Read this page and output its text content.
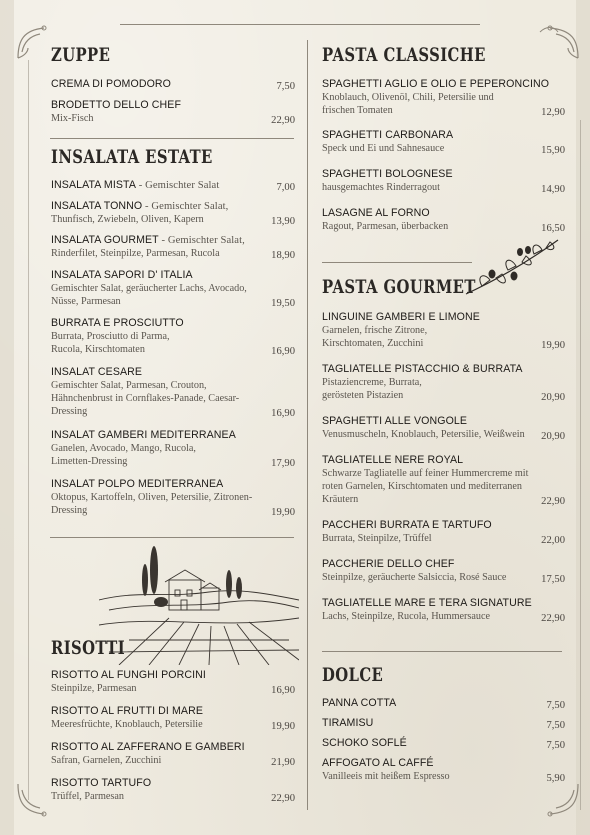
ZUPPE
CREMA DI POMODORO	7,50
BRODETTO DELLO CHEF
Mix-Fisch	22,90
INSALATA ESTATE
INSALATA MISTA - Gemischter Salat	7,00
INSALATA TONNO - Gemischter Salat,
Thunfisch, Zwiebeln, Oliven, Kapern	13,90
INSALATA GOURMET - Gemischter Salat,
Rinderfilet, Steinpilze, Parmesan, Rucola	18,90
INSALATA SAPORI D' ITALIA
Gemischter Salat, geräucherter Lachs, Avocado, Nüsse, Parmesan	19,50
BURRATA E PROSCIUTTO
Burrata, Prosciutto di Parma, Rucola, Kirschtomaten	16,90
INSALAT CESARE
Gemischter Salat, Parmesan, Crouton, Hähnchenbrust in Cornflakes-Panade, Caesar-Dressing	16,90
INSALAT GAMBERI MEDITERRANEA
Ganelen, Avocado, Mango, Rucola, Limetten-Dressing	17,90
INSALAT POLPO MEDITERRANEA
Oktopus, Kartoffeln, Oliven, Petersilie, Zitronen-Dressing	19,90
RISOTTI
RISOTTO AL FUNGHI PORCINI
Steinpilze, Parmesan	16,90
RISOTTO AL FRUTTI DI MARE
Meeresfrüchte, Knoblauch, Petersilie	19,90
RISOTTO AL ZAFFERANO E GAMBERI
Safran, Garnelen, Zucchini	21,90
RISOTTO TARTUFO
Trüffel, Parmesan	22,90
PASTA CLASSICHE
SPAGHETTI AGLIO E OLIO E PEPERONCINO
Knoblauch, Olivenöl, Chili, Petersilie und frischen Tomaten	12,90
SPAGHETTI CARBONARA
Speck und Ei und Sahnesauce	15,90
SPAGHETTI BOLOGNESE
hausgemachtes Rinderragout	14,90
LASAGNE AL FORNO
Ragout, Parmesan, überbacken	16,50
PASTA GOURMET
LINGUINE GAMBERI E LIMONE
Garnelen, frische Zitrone, Kirschtomaten, Zucchini	19,90
TAGLIATELLE PISTACCHIO & BURRATA
Pistaziencreme, Burrata, gerösteten Pistazien	20,90
SPAGHETTI ALLE VONGOLE
Venusmuscheln, Knoblauch, Petersilie, Weißwein	20,90
TAGLIATELLE NERE ROYAL
Schwarze Tagliatelle auf feiner Hummercreme mit roten Garnelen, Kirschtomaten und mediterranen Kräutern	22,90
PACCHERI BURRATA E TARTUFO
Burrata, Steinpilze, Trüffel	22,00
PACCHERIE DELLO CHEF
Steinpilze, geräucherte Salsiccia, Rosé Sauce	17,50
TAGLIATELLE MARE E TERA SIGNATURE
Lachs, Steinpilze, Rucola, Hummersauce	22,90
DOLCE
PANNA COTTA	7,50
TIRAMISU	7,50
SCHOKO SOFLÉ	7,50
AFFOGATO AL CAFFÉ
Vanilleeis mit heißem Espresso	5,90
